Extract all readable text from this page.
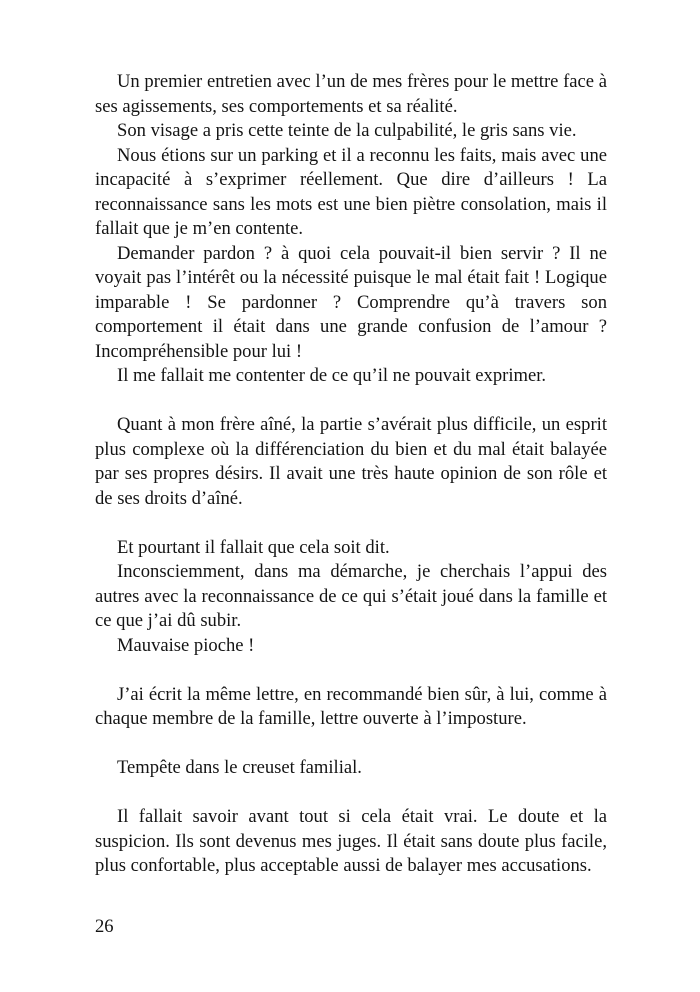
Un premier entretien avec l’un de mes frères pour le mettre face à ses agissements, ses comportements et sa réalité.

Son visage a pris cette teinte de la culpabilité, le gris sans vie.

Nous étions sur un parking et il a reconnu les faits, mais avec une incapacité à s’exprimer réellement. Que dire d’ailleurs ! La reconnaissance sans les mots est une bien piètre consolation, mais il fallait que je m’en contente.

Demander pardon ? à quoi cela pouvait-il bien servir ? Il ne voyait pas l’intérêt ou la nécessité puisque le mal était fait ! Logique imparable ! Se pardonner ? Comprendre qu’à travers son comportement il était dans une grande confusion de l’amour ? Incompréhensible pour lui !

Il me fallait me contenter de ce qu’il ne pouvait exprimer.

Quant à mon frère aîné, la partie s’avérait plus difficile, un esprit plus complexe où la différenciation du bien et du mal était balayée par ses propres désirs. Il avait une très haute opinion de son rôle et de ses droits d’aîné.

Et pourtant il fallait que cela soit dit.

Inconsciemment, dans ma démarche, je cherchais l’appui des autres avec la reconnaissance de ce qui s’était joué dans la famille et ce que j’ai dû subir.

Mauvaise pioche !

J’ai écrit la même lettre, en recommandé bien sûr, à lui, comme à chaque membre de la famille, lettre ouverte à l’imposture.

Tempête dans le creuset familial.

Il fallait savoir avant tout si cela était vrai. Le doute et la suspicion. Ils sont devenus mes juges. Il était sans doute plus facile, plus confortable, plus acceptable aussi de balayer mes accusations.

26
